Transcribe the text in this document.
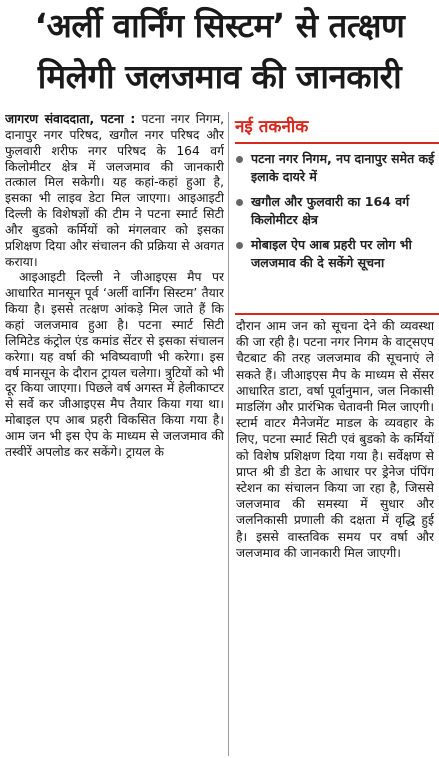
‘अर्ली वार्निंग सिस्टम’ से तत्क्षण
मिलेगी जलजमाव की जानकारी

जागरण संवाददाता, पटना : पटना नगर निगम, दानापुर नगर परिषद, खगौल नगर परिषद और फुलवारी शरीफ नगर परिषद के 164 वर्ग किलोमीटर क्षेत्र में जलजमाव की जानकारी तत्काल मिल सकेगी। यह कहां-कहां हुआ है, इसका भी लाइव डेटा मिल जाएगा। आइआइटी दिल्ली के विशेषज्ञों की टीम ने पटना स्मार्ट सिटी और बुडको कर्मियों को मंगलवार को इसका प्रशिक्षण दिया और संचालन की प्रक्रिया से अवगत कराया।

आइआइटी दिल्ली ने जीआइएस मैप पर आधारित मानसून पूर्व ‘अर्ली वार्निंग सिस्टम’ तैयार किया है। इससे तत्क्षण आंकड़े मिल जाते हैं कि कहां जलजमाव हुआ है। पटना स्मार्ट सिटी लिमिटेड कंट्रोल एंड कमांड सेंटर से इसका संचालन करेगा। यह वर्षा की भविष्यवाणी भी करेगा। इस वर्ष मानसून के दौरान ट्रायल चलेगा। त्रुटियों को भी दूर किया जाएगा। पिछले वर्ष अगस्त में हेलीकाप्टर से सर्वे कर जीआइएस मैप तैयार किया गया था। मोबाइल एप आब प्रहरी विकसित किया गया है। आम जन भी इस ऐप के माध्यम से जलजमाव की तस्वीरें अपलोड कर सकेंगे। ट्रायल के

नई तकनीक
पटना नगर निगम, नप दानापुर समेत कई इलाके दायरे में
खगौल और फुलवारी का 164 वर्ग किलोमीटर क्षेत्र
मोबाइल ऐप आब प्रहरी पर लोग भी जलजमाव की दे सकेंगे सूचना

दौरान आम जन को सूचना देने की व्यवस्था की जा रही है। पटना नगर निगम के वाट्सएप चैटबाट की तरह जलजमाव की सूचनाएं ले सकते हैं। जीआइएस मैप के माध्यम से सेंसर आधारित डाटा, वर्षा पूर्वानुमान, जल निकासी माडलिंग और प्रारंभिक चेतावनी मिल जाएगी। स्टार्म वाटर मैनेजमेंट माडल के व्यवहार के लिए, पटना स्मार्ट सिटी एवं बुडको के कर्मियों को विशेष प्रशिक्षण दिया गया है। सर्वेक्षण से प्राप्त श्री डी डेटा के आधार पर ड्रेनेज पंपिंग स्टेशन का संचालन किया जा रहा है, जिससे जलजमाव की समस्या में सुधार और जलनिकासी प्रणाली की दक्षता में वृद्धि हुई है। इससे वास्तविक समय पर वर्षा और जलजमाव की जानकारी मिल जाएगी।
